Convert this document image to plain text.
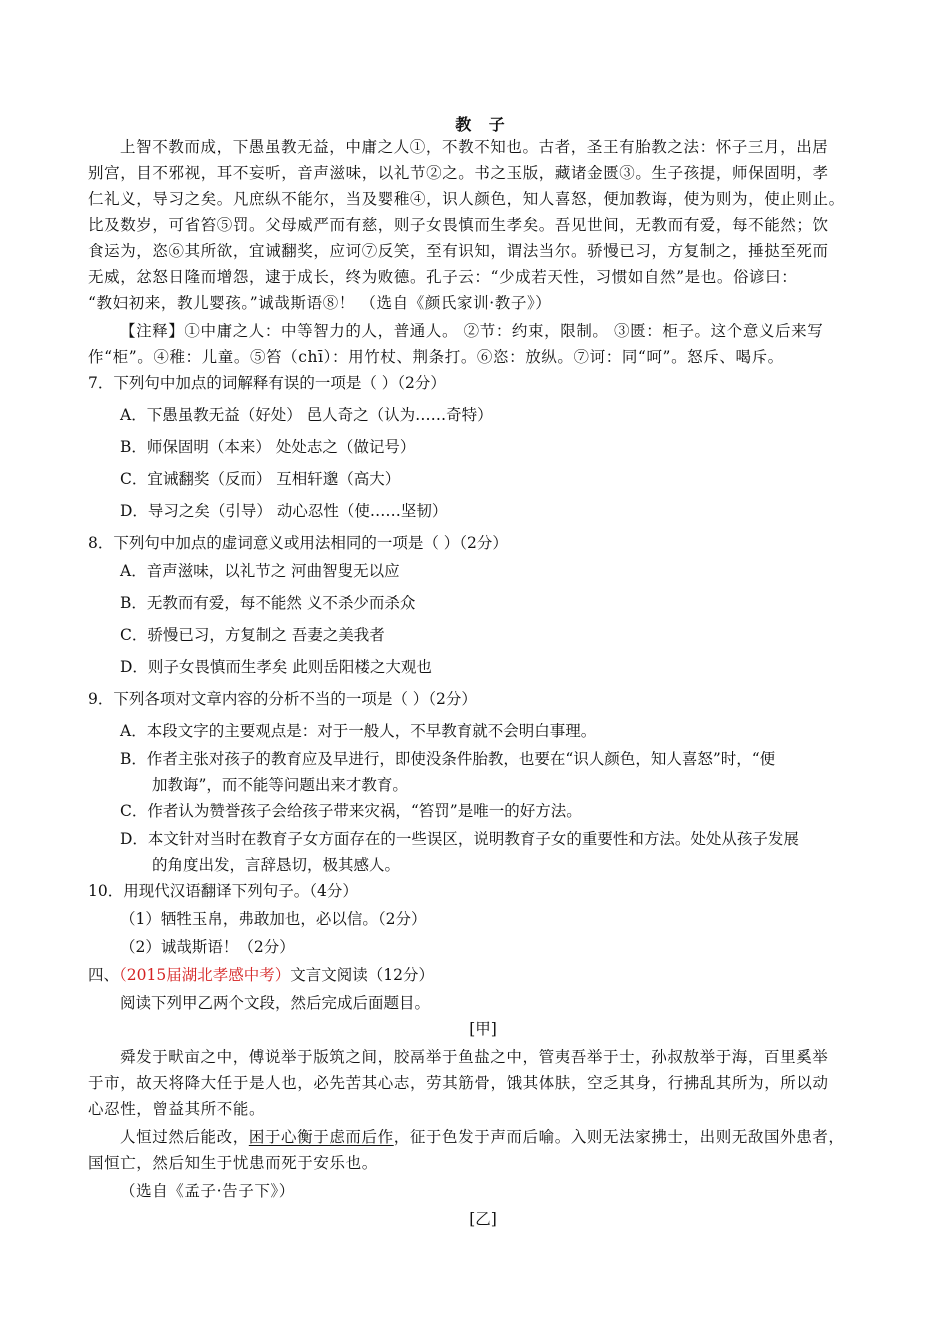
教 子
上智不教而成，下愚虽教无益，中庸之人①，不教不知也。古者，圣王有胎教之法：怀子三月，出居
别宫，目不邪视，耳不妄听，音声滋味，以礼节②之。书之玉版，藏诸金匮③。生子孩提，师保固明，孝
仁礼义，导习之矣。凡庶纵不能尔，当及婴稚④，识人颜色，知人喜怒，便加教诲，使为则为，使止则止。
比及数岁，可省笞⑤罚。父母威严而有慈，则子女畏慎而生孝矣。吾见世间，无教而有爱，每不能然；饮
食运为，恣⑥其所欲，宜诫翻奖，应诃⑦反笑，至有识知，谓法当尔。骄慢已习，方复制之，捶挞至死而
无威，忿怒日隆而增怨，逮于成长，终为败德。孔子云：“少成若天性，习惯如自然”是也。俗谚曰：
“教妇初来，教儿婴孩。”诚哉斯语⑧！ （选自《颜氏家训·教子》）
【注释】①中庸之人：中等智力的人，普通人。 ②节：约束，限制。 ③匮：柜子。这个意义后来写
作“柜”。④稚：儿童。⑤笞（chī）：用竹杖、荆条打。⑥恣：放纵。⑦诃：同“呵”。怒斥、喝斥。
7．下列句中加点的词解释有误的一项是（ ）（2分）
A．下愚虽教无益（好处） 邑人奇之（认为……奇特）
B．师保固明（本来） 处处志之（做记号）
C．宜诫翻奖（反而） 互相轩邈（高大）
D．导习之矣（引导） 动心忍性（使……坚韧）
8．下列句中加点的虚词意义或用法相同的一项是（ ）（2分）
A．音声滋味，以礼节之 河曲智叟无以应
B．无教而有爱，每不能然 义不杀少而杀众
C．骄慢已习，方复制之 吾妻之美我者
D．则子女畏慎而生孝矣 此则岳阳楼之大观也
9．下列各项对文章内容的分析不当的一项是（ ）（2分）
A．本段文字的主要观点是：对于一般人，不早教育就不会明白事理。
B．作者主张对孩子的教育应及早进行，即使没条件胎教，也要在“识人颜色，知人喜怒”时，“便
加教诲”，而不能等问题出来才教育。
C．作者认为赞誉孩子会给孩子带来灾祸，“笞罚”是唯一的好方法。
D．本文针对当时在教育子女方面存在的一些误区，说明教育子女的重要性和方法。处处从孩子发展
的角度出发，言辞恳切，极其感人。
10．用现代汉语翻译下列句子。（4分）
（1）牺牲玉帛，弗敢加也，必以信。（2分）
（2）诚哉斯语！（2分）
四、（2015届湖北孝感中考）文言文阅读（12分）
阅读下列甲乙两个文段，然后完成后面题目。
[甲]
舜发于畎亩之中，傅说举于版筑之间，胶鬲举于鱼盐之中，管夷吾举于士，孙叔敖举于海，百里奚举
于市，故天将降大任于是人也，必先苦其心志，劳其筋骨，饿其体肤，空乏其身，行拂乱其所为，所以动
心忍性，曾益其所不能。
人恒过然后能改，困于心衡于虑而后作，征于色发于声而后喻。入则无法家拂士，出则无敌国外患者，
国恒亡，然后知生于忧患而死于安乐也。
（选自《孟子·告子下》）
[乙]
